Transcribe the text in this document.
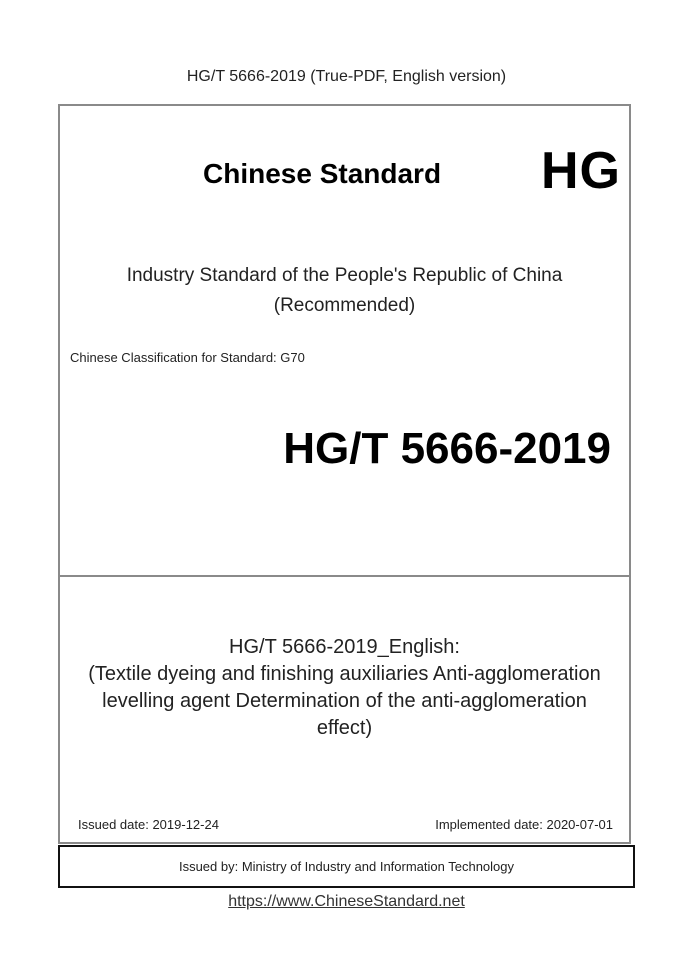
HG/T 5666-2019 (True-PDF, English version)
Chinese Standard HG
Industry Standard of the People's Republic of China
(Recommended)
Chinese Classification for Standard: G70
HG/T 5666-2019
HG/T 5666-2019_English:
(Textile dyeing and finishing auxiliaries Anti-agglomeration
levelling agent Determination of the anti-agglomeration
effect)
Issued date: 2019-12-24	Implemented date: 2020-07-01
Issued by: Ministry of Industry and Information Technology
https://www.ChineseStandard.net
